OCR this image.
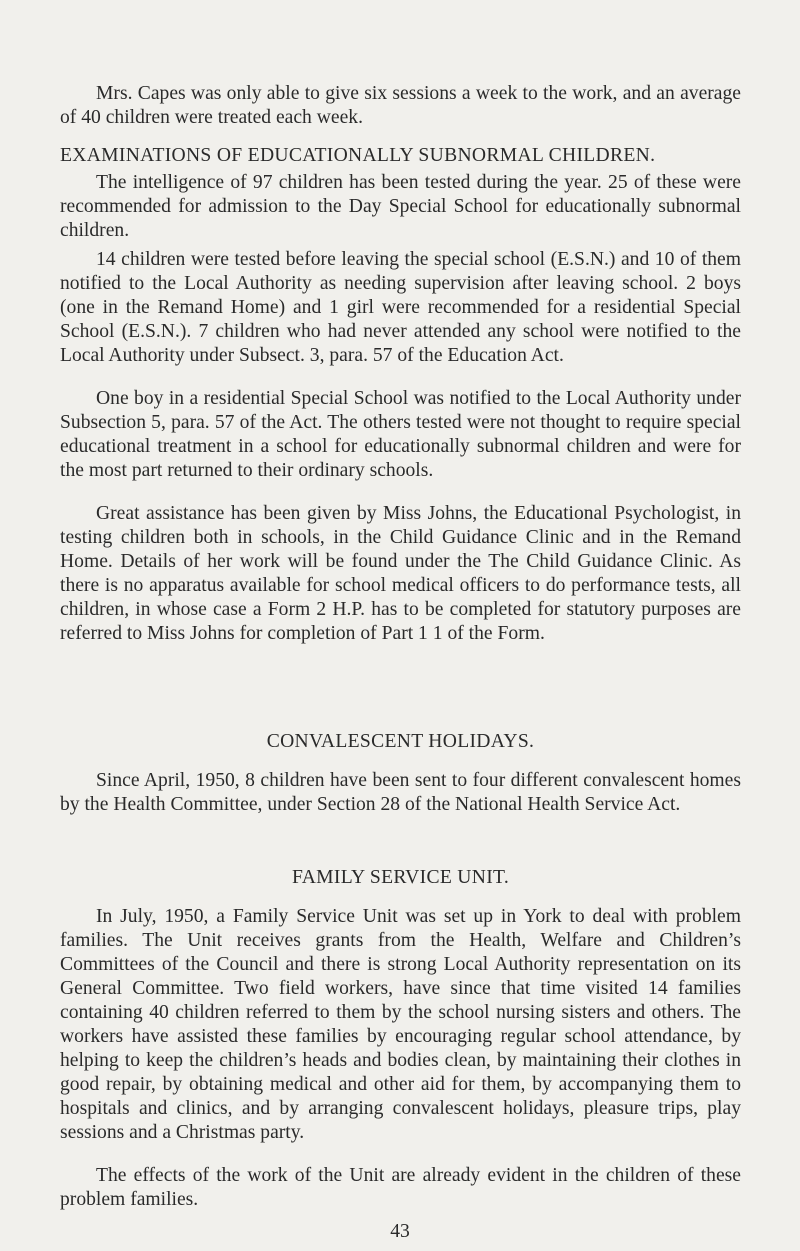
Mrs. Capes was only able to give six sessions a week to the work, and an average of 40 children were treated each week.

EXAMINATIONS OF EDUCATIONALLY SUBNORMAL CHILDREN.

The intelligence of 97 children has been tested during the year. 25 of these were recommended for admission to the Day Special School for educationally subnormal children.

14 children were tested before leaving the special school (E.S.N.) and 10 of them notified to the Local Authority as needing supervision after leaving school. 2 boys (one in the Remand Home) and 1 girl were recommended for a residential Special School (E.S.N.). 7 children who had never attended any school were notified to the Local Authority under Subsect. 3, para. 57 of the Education Act.

One boy in a residential Special School was notified to the Local Authority under Subsection 5, para. 57 of the Act. The others tested were not thought to require special educational treatment in a school for educationally subnormal children and were for the most part returned to their ordinary schools.

Great assistance has been given by Miss Johns, the Educational Psychologist, in testing children both in schools, in the Child Guidance Clinic and in the Remand Home. Details of her work will be found under the The Child Guidance Clinic. As there is no apparatus available for school medical officers to do performance tests, all children, in whose case a Form 2 H.P. has to be completed for statutory purposes are referred to Miss Johns for completion of Part 1 1 of the Form.

CONVALESCENT HOLIDAYS.

Since April, 1950, 8 children have been sent to four different convalescent homes by the Health Committee, under Section 28 of the National Health Service Act.

FAMILY SERVICE UNIT.

In July, 1950, a Family Service Unit was set up in York to deal with problem families. The Unit receives grants from the Health, Welfare and Children’s Committees of the Council and there is strong Local Authority representation on its General Committee. Two field workers, have since that time visited 14 families containing 40 children referred to them by the school nursing sisters and others. The workers have assisted these families by encouraging regular school attendance, by helping to keep the children’s heads and bodies clean, by maintaining their clothes in good repair, by obtaining medical and other aid for them, by accompanying them to hospitals and clinics, and by arranging convalescent holidays, pleasure trips, play sessions and a Christmas party.

The effects of the work of the Unit are already evident in the children of these problem families.

43
